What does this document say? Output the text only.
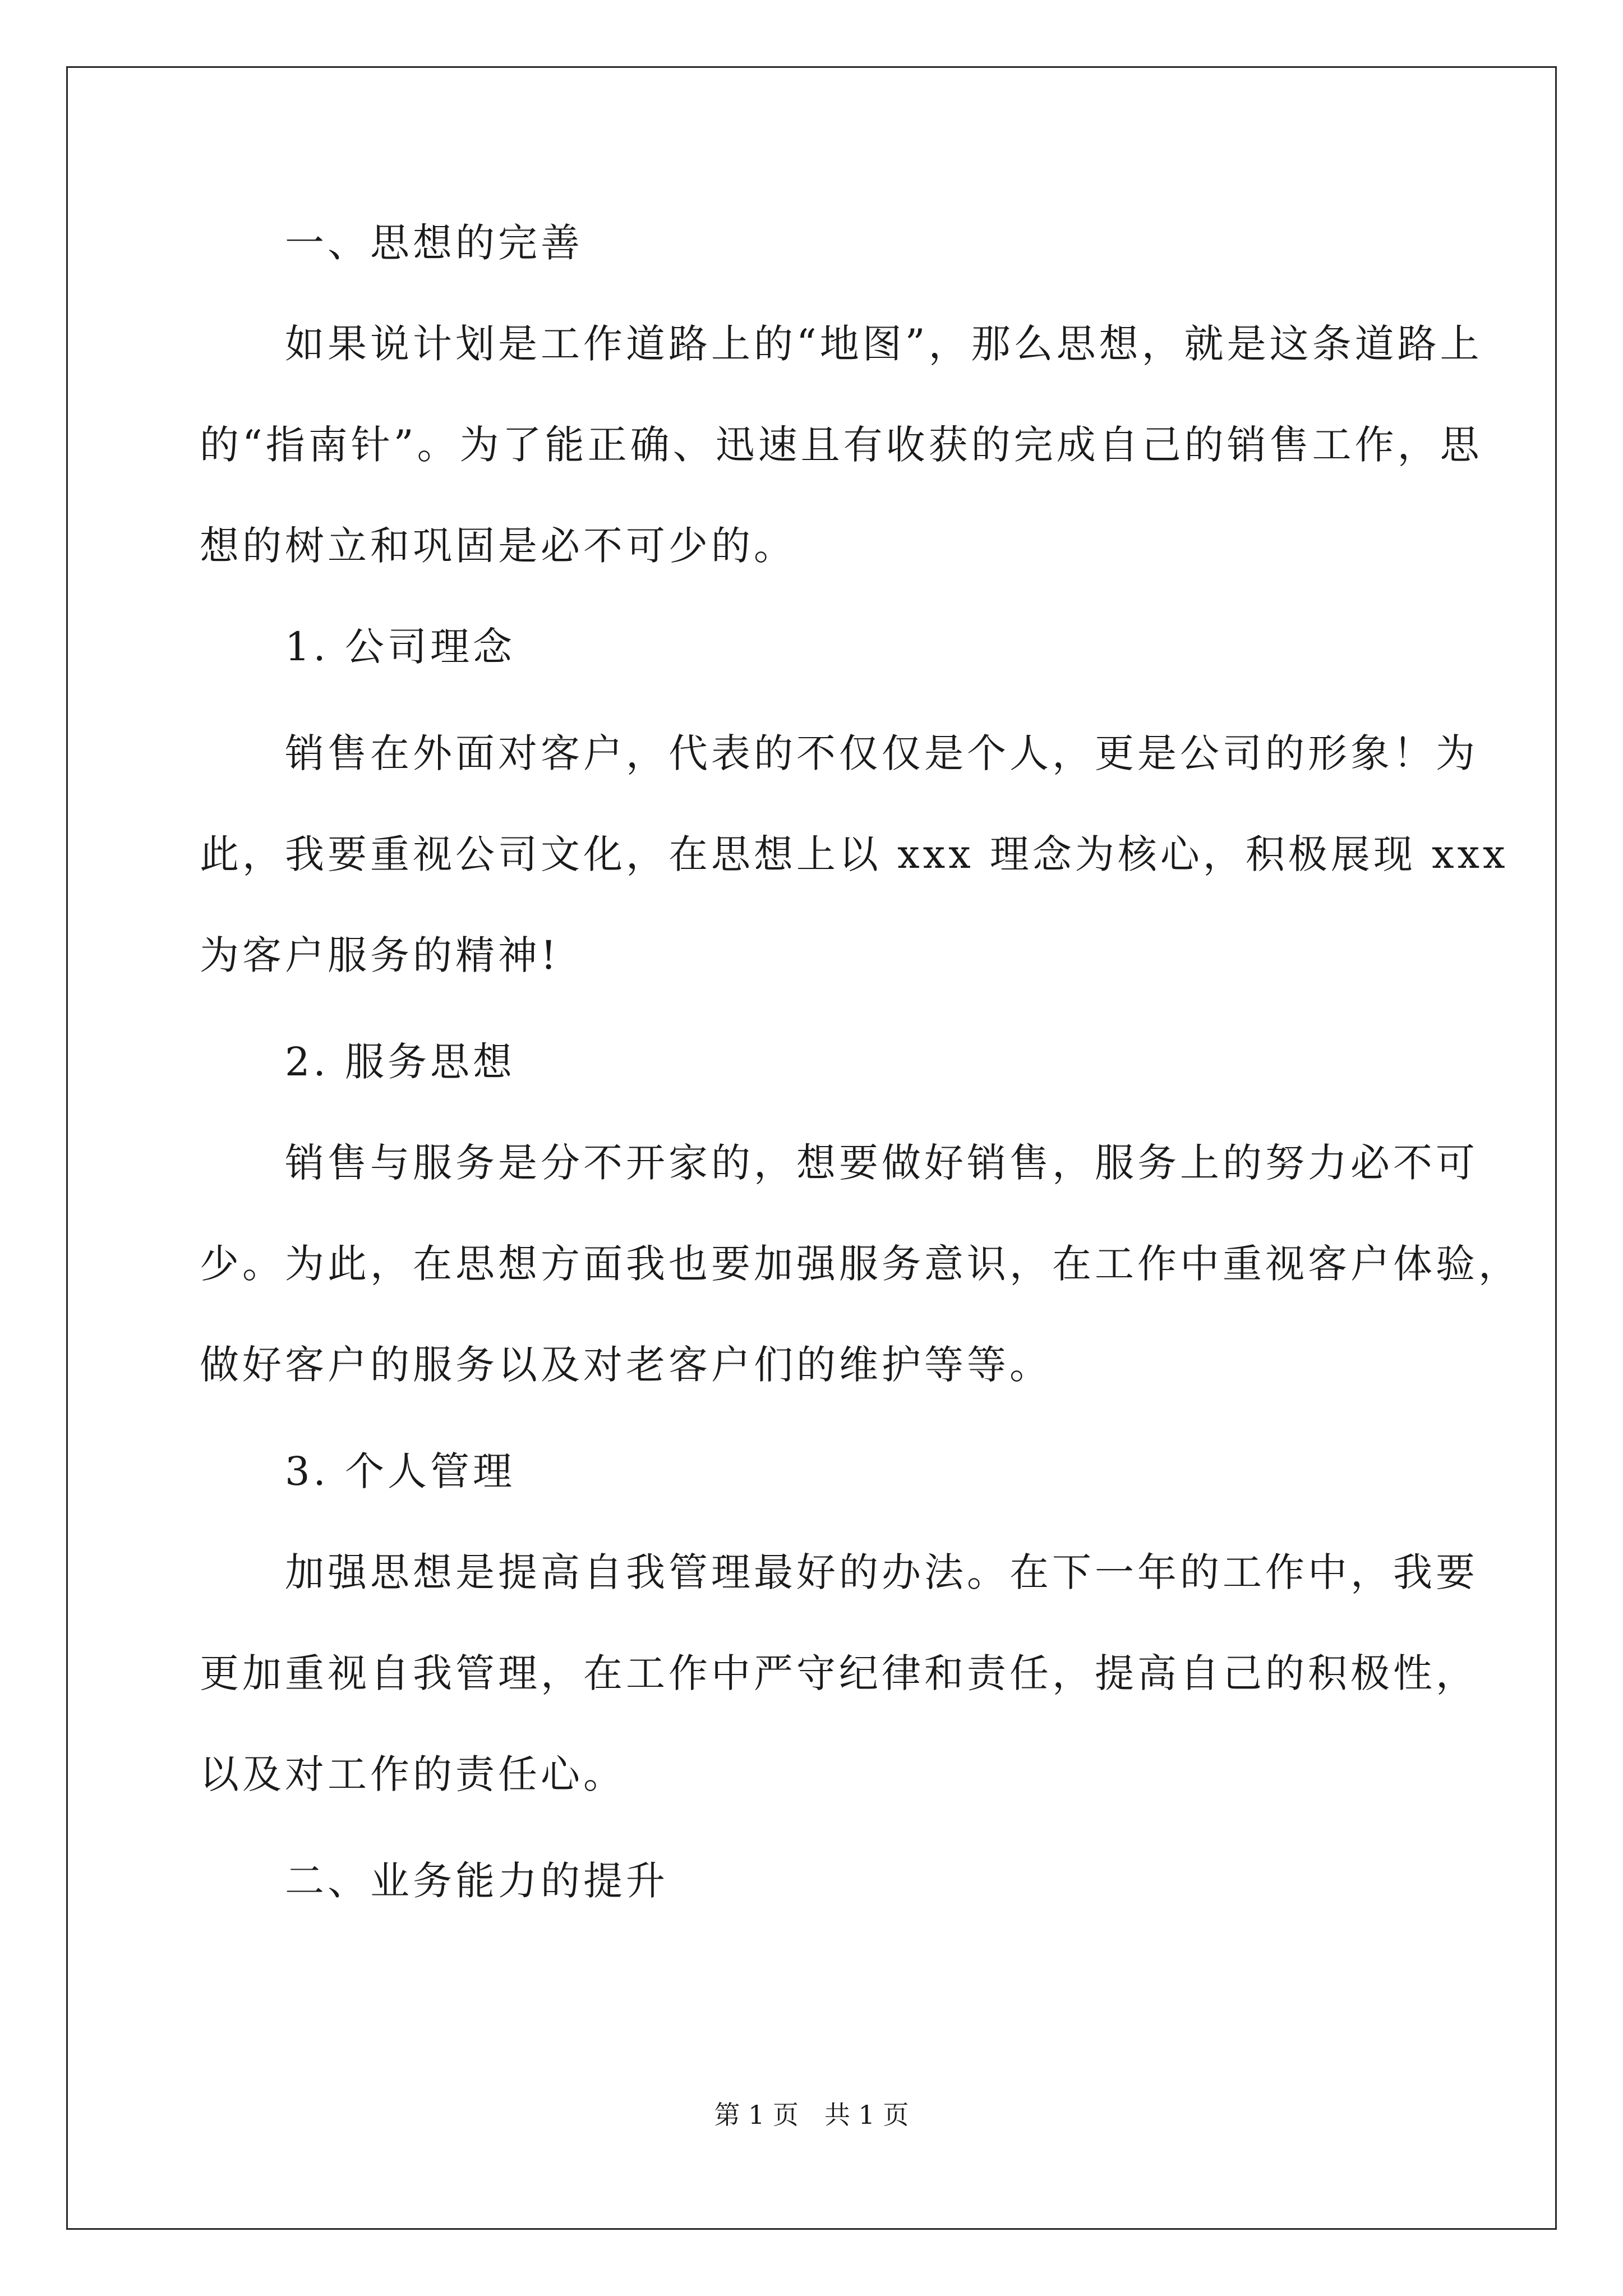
　　一、思想的完善
　　如果说计划是工作道路上的“地图”，那么思想，就是这条道路上
的“指南针”。为了能正确、迅速且有收获的完成自己的销售工作，思
想的树立和巩固是必不可少的。
　　1. 公司理念
　　销售在外面对客户，代表的不仅仅是个人，更是公司的形象！为
此，我要重视公司文化，在思想上以 xxx 理念为核心，积极展现 xxx
为客户服务的精神!
　　2. 服务思想
　　销售与服务是分不开家的，想要做好销售，服务上的努力必不可
少。为此，在思想方面我也要加强服务意识，在工作中重视客户体验，
做好客户的服务以及对老客户们的维护等等。
　　3. 个人管理
　　加强思想是提高自我管理最好的办法。在下一年的工作中，我要
更加重视自我管理，在工作中严守纪律和责任，提高自己的积极性，
以及对工作的责任心。
　　二、业务能力的提升
第 1 页　共 1 页
